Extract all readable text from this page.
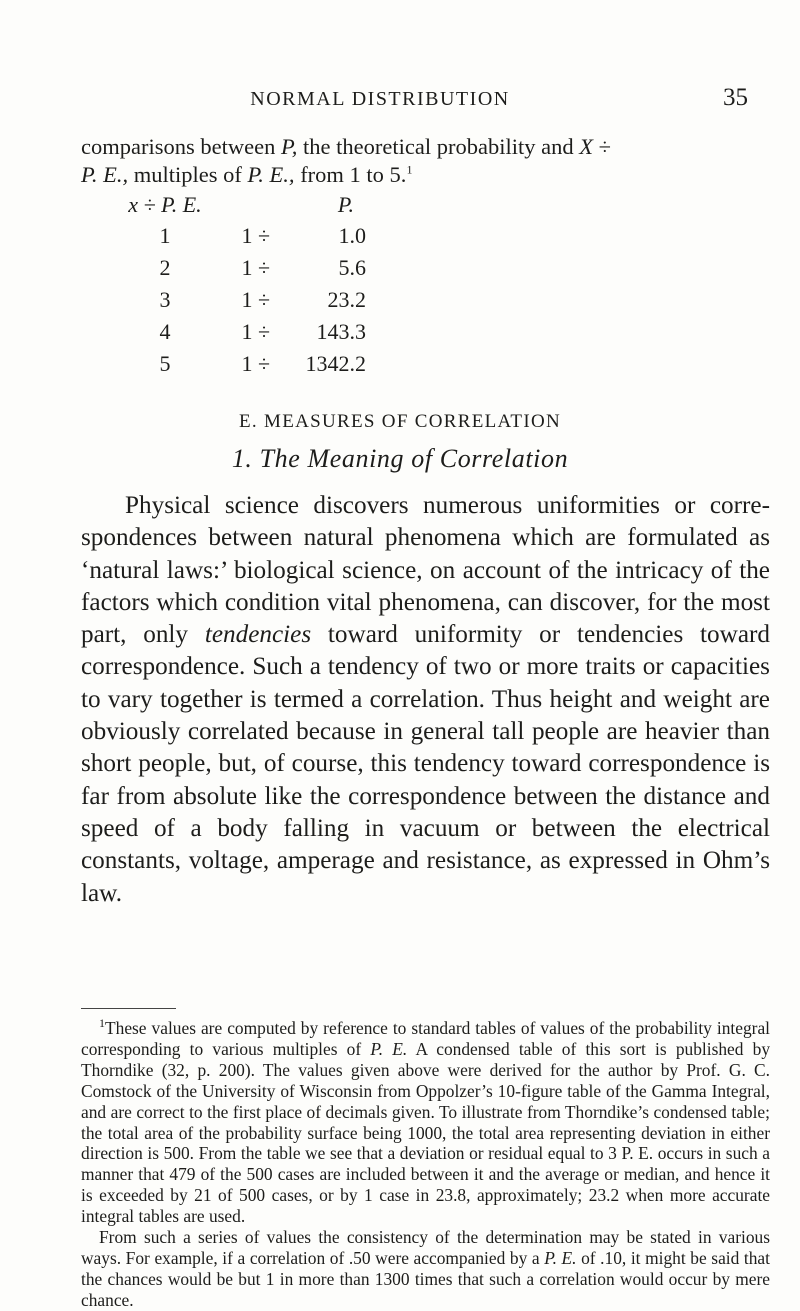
NORMAL DISTRIBUTION	35
comparisons between P, the theoretical probability and X ÷
P. E., multiples of P. E., from 1 to 5.$^1$
x ÷ P. E.	P.	
1	1 ÷	1.0
2	1 ÷	5.6
3	1 ÷	23.2
4	1 ÷	143.3
5	1 ÷	1342.2
E. MEASURES OF CORRELATION
1. The Meaning of Correlation
Physical science discovers numerous uniformities or correspondences between natural phenomena which are formulated as ‘natural laws:’ biological science, on account of the intricacy of the factors which condition vital phenomena, can discover, for the most part, only tendencies toward uniformity or tendencies toward correspondence. Such a tendency of two or more traits or capacities to vary together is termed a correlation. Thus height and weight are obviously correlated because in general tall people are heavier than short people, but, of course, this tendency toward correspondence is far from absolute like the correspondence between the distance and speed of a body falling in vacuum or between the electrical constants, voltage, amperage and resistance, as expressed in Ohm’s law.

$^1$These values are computed by reference to standard tables of values of the probability integral corresponding to various multiples of P. E. A condensed table of this sort is published by Thorndike (32, p. 200). The values given above were derived for the author by Prof. G. C. Comstock of the University of Wisconsin from Oppolzer’s 10-figure table of the Gamma Integral, and are correct to the first place of decimals given. To illustrate from Thorndike’s condensed table; the total area of the probability surface being 1000, the total area representing deviation in either direction is 500. From the table we see that a deviation or residual equal to 3 P. E. occurs in such a manner that 479 of the 500 cases are included between it and the average or median, and hence it is exceeded by 21 of 500 cases, or by 1 case in 23.8, approximately; 23.2 when more accurate integral tables are used.

From such a series of values the consistency of the determination may be stated in various ways. For example, if a correlation of .50 were accompanied by a P. E. of .10, it might be said that the chances would be but 1 in more than 1300 times that such a correlation would occur by mere chance.
